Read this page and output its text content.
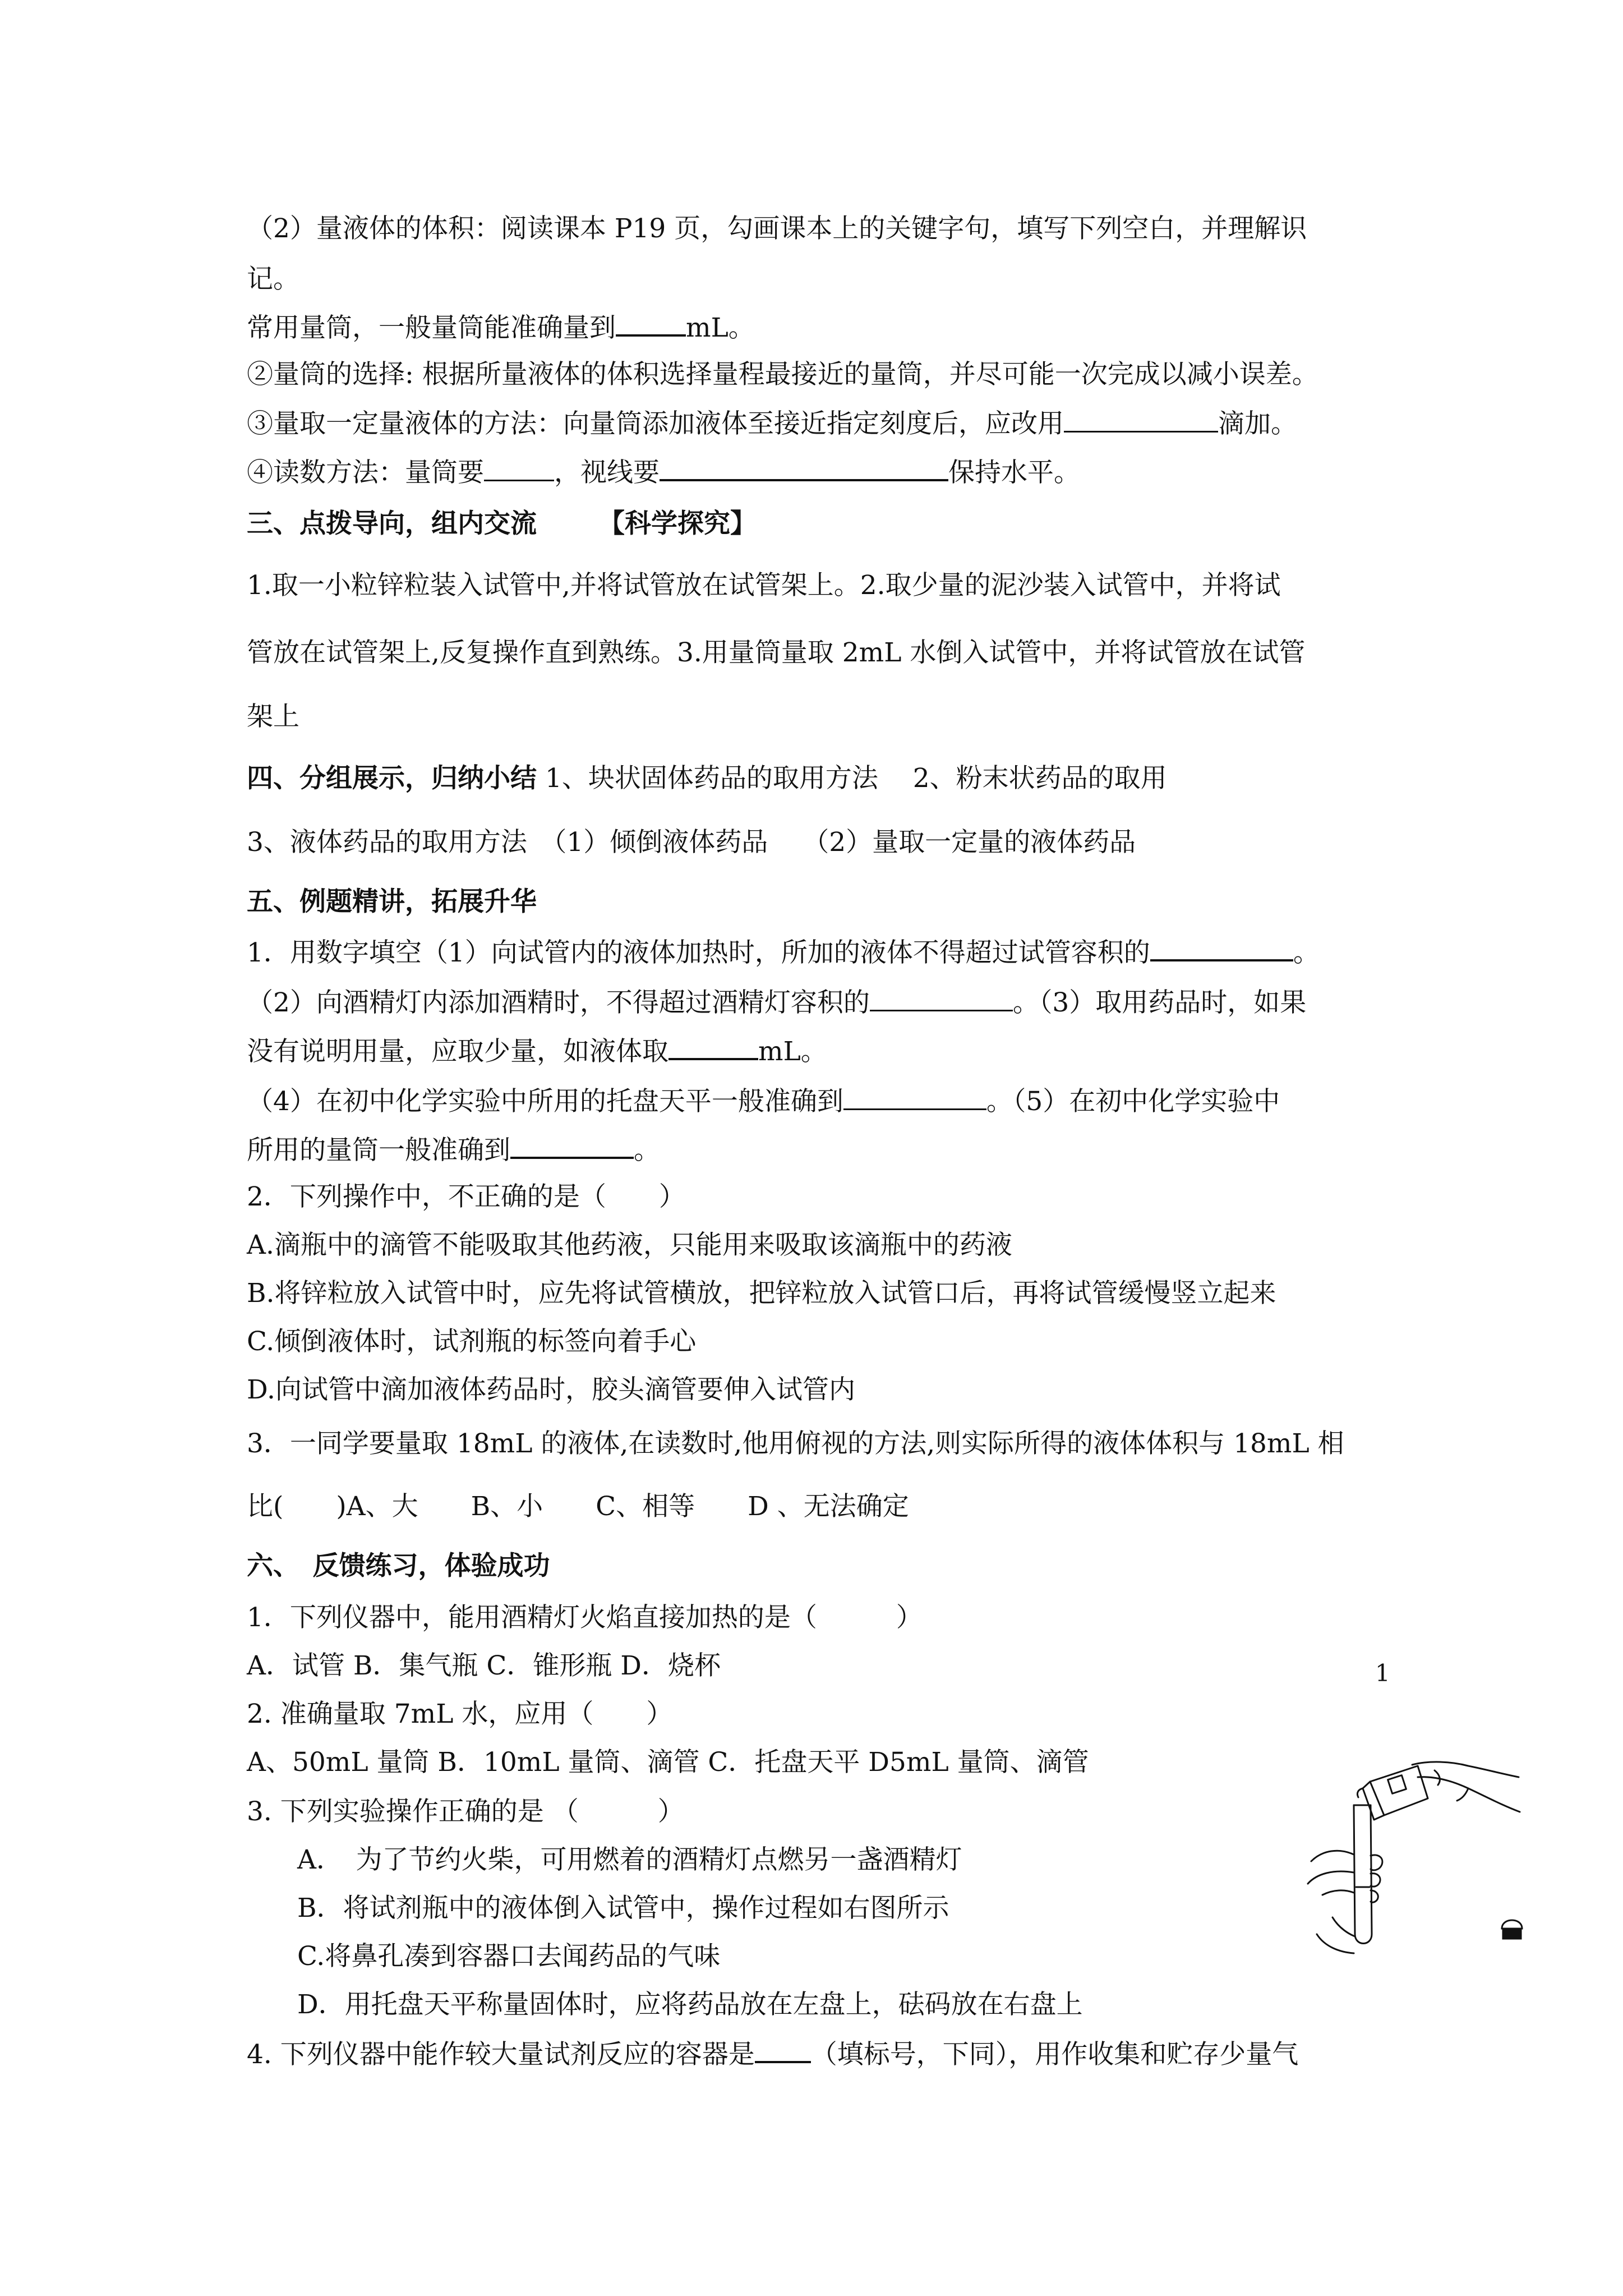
（2）量液体的体积：阅读课本 P19 页，勾画课本上的关键字句，填写下列空白，并理解识
记。
常用量筒，一般量筒能准确量到	mL。
②量筒的选择: 根据所量液体的体积选择量程最接近的量筒，并尽可能一次完成以减小误差。
③量取一定量液体的方法：向量筒添加液体至接近指定刻度后，应改用	滴加。
④读数方法：量筒要	，视线要	保持水平。
三、点拨导向，组内交流 【科学探究】
1.取一小粒锌粒装入试管中,并将试管放在试管架上。2.取少量的泥沙装入试管中，并将试
管放在试管架上,反复操作直到熟练。3.用量筒量取 2mL 水倒入试管中，并将试管放在试管
架上
四、分组展示，归纳小结 1、块状固体药品的取用方法　 2、粉末状药品的取用
3、液体药品的取用方法　（1）倾倒液体药品　 （2）量取一定量的液体药品
五、例题精讲，拓展升华
1．用数字填空（1）向试管内的液体加热时，所加的液体不得超过试管容积的	。
（2）向酒精灯内添加酒精时，不得超过酒精灯容积的	。（3）取用药品时，如果
没有说明用量，应取少量，如液体取	mL。
（4）在初中化学实验中所用的托盘天平一般准确到	。（5）在初中化学实验中
所用的量筒一般准确到	。
2．下列操作中，不正确的是（　　）
A.滴瓶中的滴管不能吸取其他药液，只能用来吸取该滴瓶中的药液
B.将锌粒放入试管中时，应先将试管横放，把锌粒放入试管口后，再将试管缓慢竖立起来
C.倾倒液体时，试剂瓶的标签向着手心
D.向试管中滴加液体药品时，胶头滴管要伸入试管内
3．一同学要量取 18mL 的液体,在读数时,他用俯视的方法,则实际所得的液体体积与 18mL 相
比(　　)A、大　　B、小　　C、相等　　D 、无法确定
六、　反馈练习，体验成功
1．下列仪器中，能用酒精灯火焰直接加热的是（　　　）
A．试管 B．集气瓶 C．锥形瓶 D．烧杯
2. 准确量取 7mL 水，应用（　　）
A、50mL 量筒 B．10mL 量筒、滴管 C．托盘天平 D5mL 量筒、滴管
3. 下列实验操作正确的是 （　　　）
A．　为了节约火柴，可用燃着的酒精灯点燃另一盏酒精灯
B．将试剂瓶中的液体倒入试管中，操作过程如右图所示
C.将鼻孔凑到容器口去闻药品的气味
D．用托盘天平称量固体时，应将药品放在左盘上，砝码放在右盘上
4. 下列仪器中能作较大量试剂反应的容器是 （填标号，下同），用作收集和贮存少量气
1
